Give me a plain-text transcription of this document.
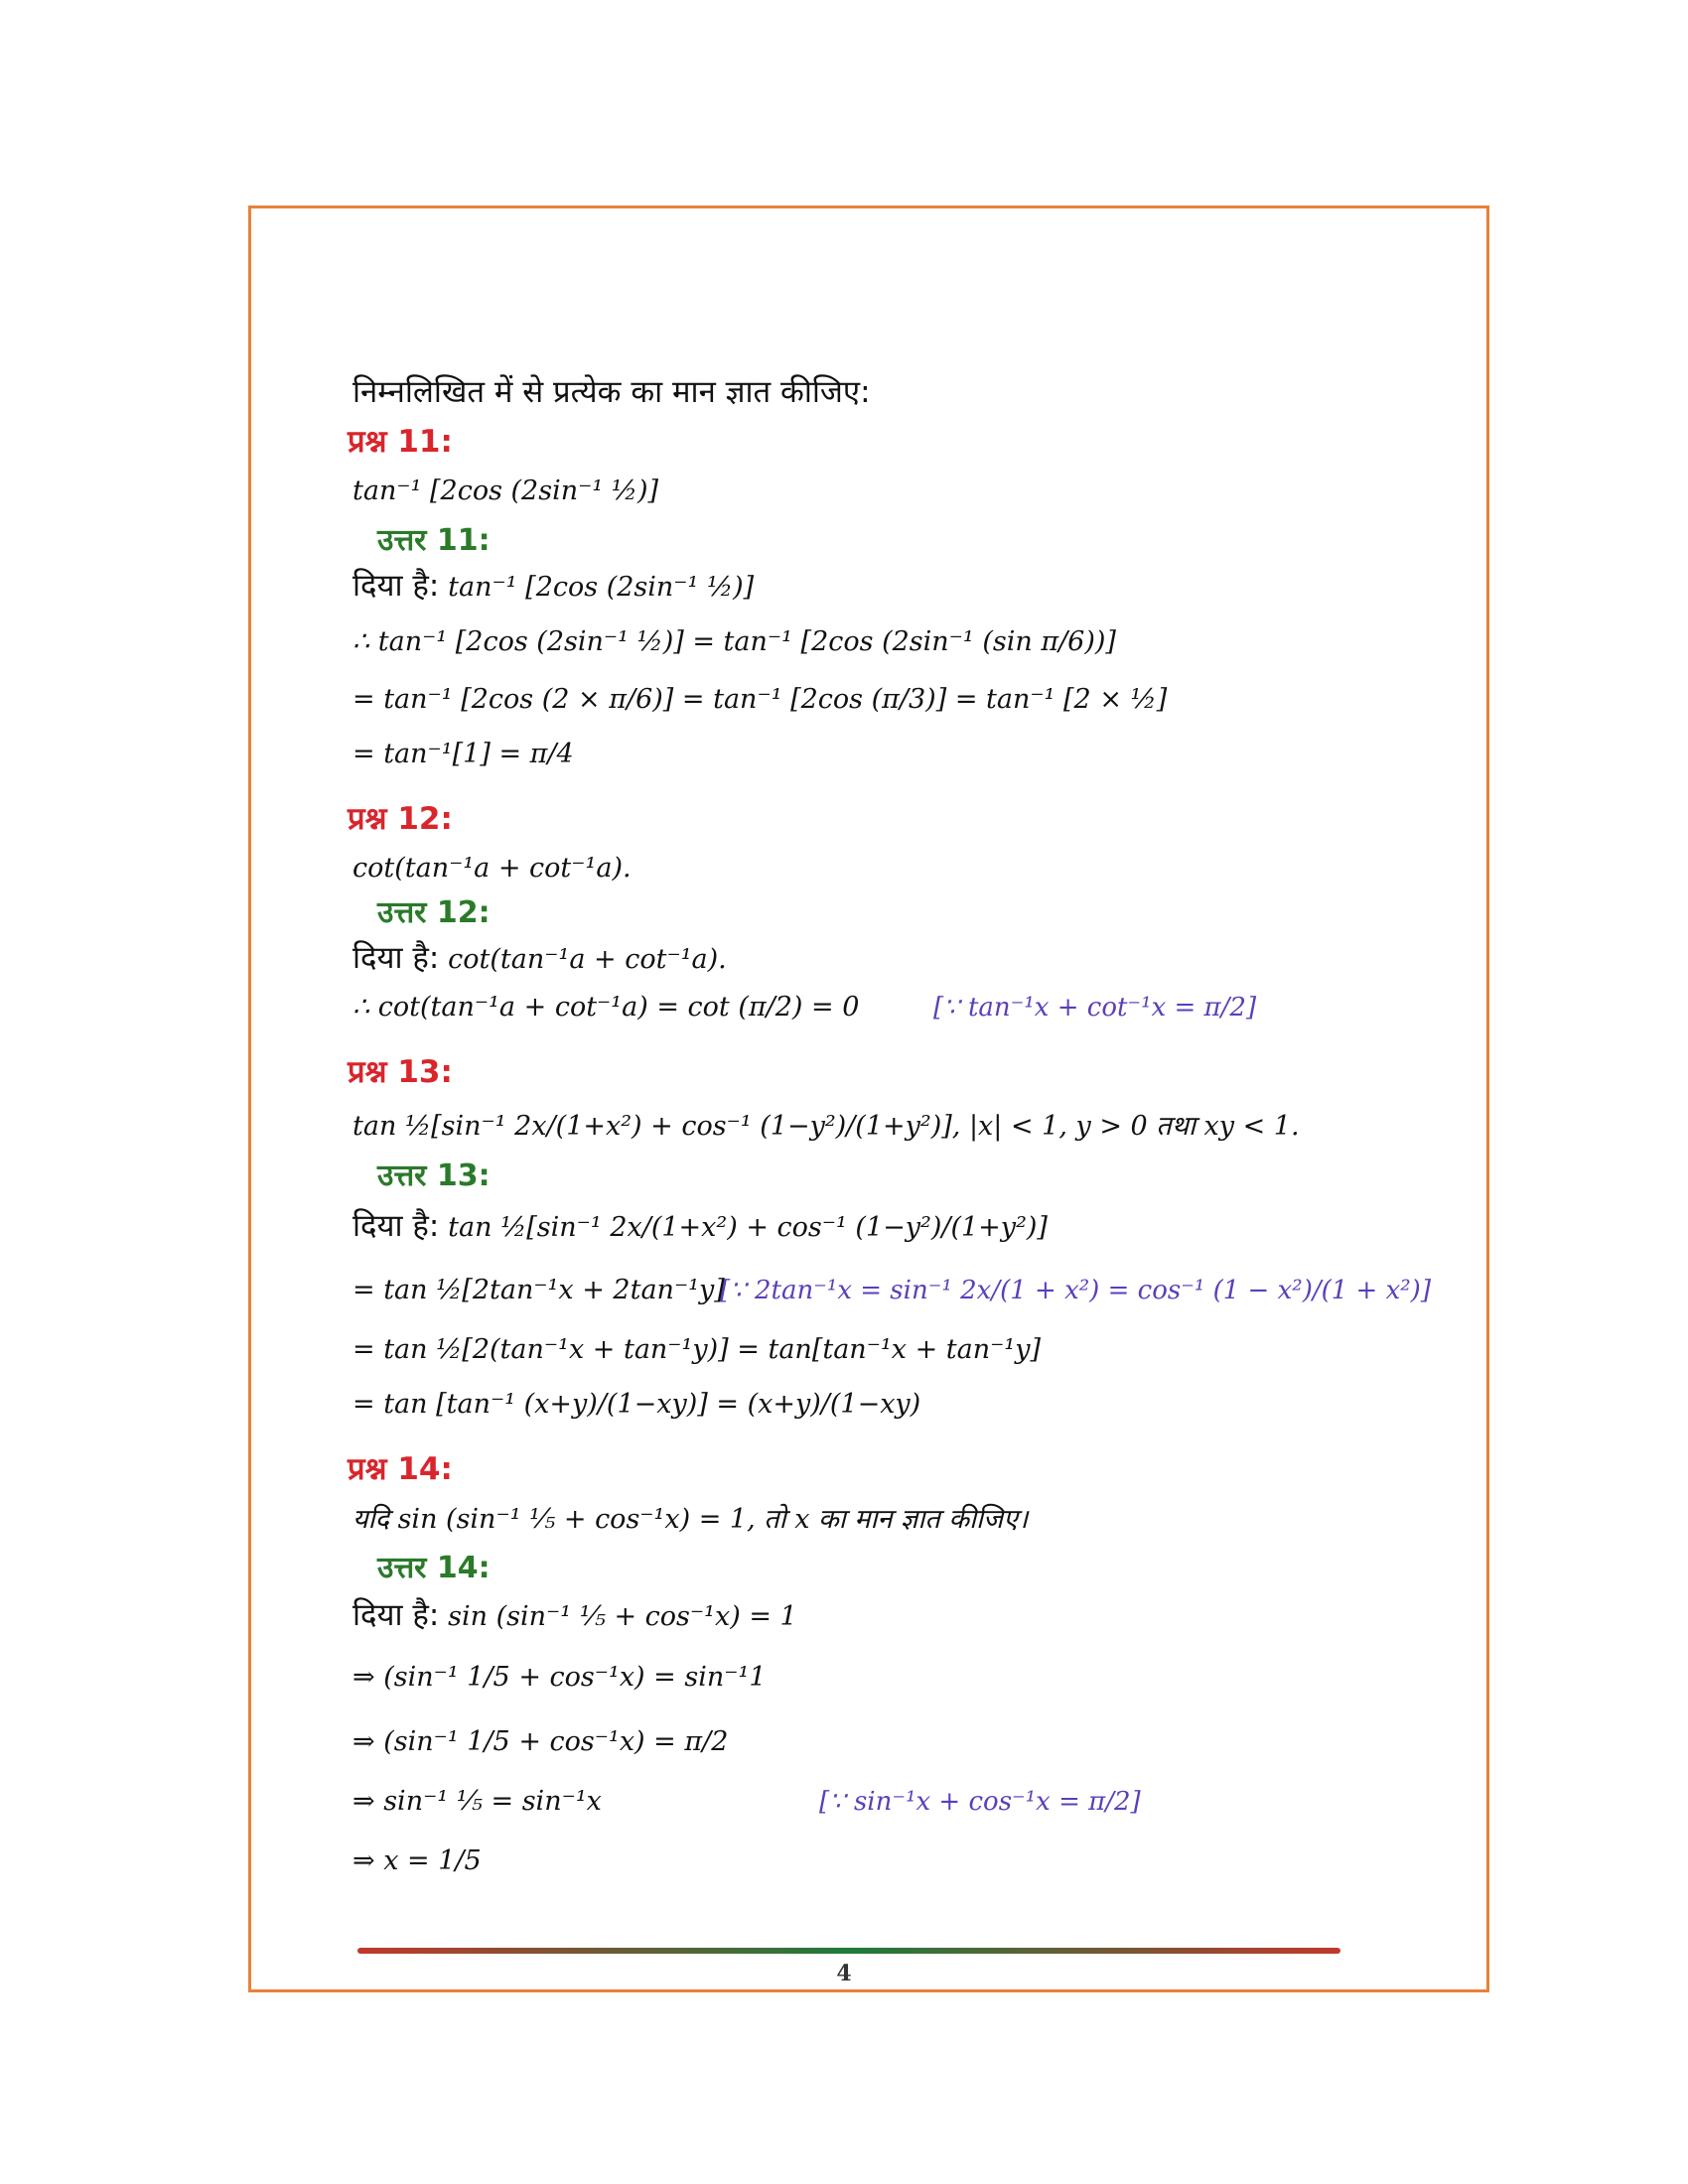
निम्नलिखित में से प्रत्येक का मान ज्ञात कीजिए:
प्रश्न 11:
tan⁻¹ [2cos (2sin⁻¹ ½)]
उत्तर 11:
दिया है: tan⁻¹ [2cos (2sin⁻¹ ½)]
∴ tan⁻¹ [2cos (2sin⁻¹ ½)] = tan⁻¹ [2cos (2sin⁻¹ (sin π/6))]
= tan⁻¹ [2cos (2 × π/6)] = tan⁻¹ [2cos (π/3)] = tan⁻¹ [2 × ½]
= tan⁻¹[1] = π/4
प्रश्न 12:
cot(tan⁻¹a + cot⁻¹a).
उत्तर 12:
दिया है: cot(tan⁻¹a + cot⁻¹a).
∴ cot(tan⁻¹a + cot⁻¹a) = cot (π/2) = 0	[∵ tan⁻¹x + cot⁻¹x = π/2]
प्रश्न 13:
tan ½[sin⁻¹ 2x/(1+x²) + cos⁻¹ (1−y²)/(1+y²)], |x| < 1, y > 0 तथा xy < 1.
उत्तर 13:
दिया है: tan ½[sin⁻¹ 2x/(1+x²) + cos⁻¹ (1−y²)/(1+y²)]
= tan ½[2tan⁻¹x + 2tan⁻¹y]
[∵ 2tan⁻¹x = sin⁻¹ 2x/(1 + x²) = cos⁻¹ (1 − x²)/(1 + x²)]
= tan ½[2(tan⁻¹x + tan⁻¹y)] = tan[tan⁻¹x + tan⁻¹y]
= tan [tan⁻¹ (x+y)/(1−xy)] = (x+y)/(1−xy)
प्रश्न 14:
यदि sin (sin⁻¹ ⅕ + cos⁻¹x) = 1, तो x का मान ज्ञात कीजिए।
उत्तर 14:
दिया है: sin (sin⁻¹ ⅕ + cos⁻¹x) = 1
⇒ (sin⁻¹ 1/5 + cos⁻¹x) = sin⁻¹1
⇒ (sin⁻¹ 1/5 + cos⁻¹x) = π/2
⇒ sin⁻¹ ⅕ = sin⁻¹x	[∵ sin⁻¹x + cos⁻¹x = π/2]
⇒ x = 1/5
4
